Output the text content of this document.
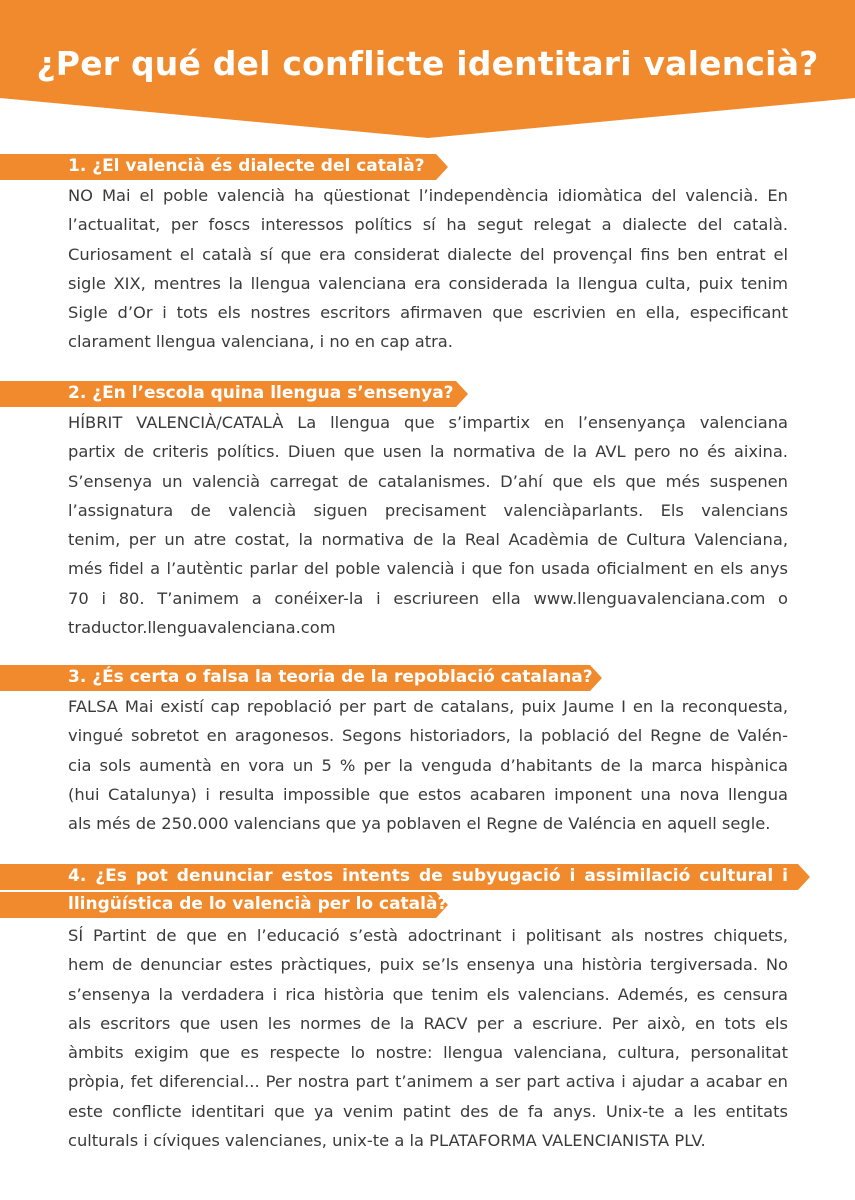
¿Per qué del conflicte identitari valencià?
1. ¿El valencià és dialecte del català?

NO Mai el poble valencià ha qüestionat l’independència idiomàtica del valencià. En

l’actualitat, per foscs interessos polítics sí ha segut relegat a dialecte del català.

Curiosament el català sí que era considerat dialecte del provençal fins ben entrat el

sigle XIX, mentres la llengua valenciana era considerada la llengua culta, puix tenim

Sigle d’Or i tots els nostres escritors afirmaven que escrivien en ella, especificant

clarament llengua valenciana, i no en cap atra.

2. ¿En l’escola quina llengua s’ensenya?

HÍBRIT VALENCIÀ/CATALÀ La llengua que s’impartix en l’ensenyança valenciana

partix de criteris polítics. Diuen que usen la normativa de la AVL pero no és aixina.

S’ensenya un valencià carregat de catalanismes. D’ahí que els que més suspenen

l’assignatura de valencià siguen precisament valenciàparlants. Els valencians

tenim, per un atre costat, la normativa de la Real Acadèmia de Cultura Valenciana,

més fidel a l’autèntic parlar del poble valencià i que fon usada oficialment en els anys

70 i 80. T’animem a conéixer-la i escriureen ella www.llenguavalenciana.com o

traductor.llenguavalenciana.com

3. ¿És certa o falsa la teoria de la repoblació catalana?

FALSA Mai existí cap repoblació per part de catalans, puix Jaume I en la reconquesta,

vingué sobretot en aragonesos. Segons historiadors, la població del Regne de Valén-

cia sols aumentà en vora un 5 % per la venguda d’habitants de la marca hispànica

(hui Catalunya) i resulta impossible que estos acabaren imponent una nova llengua

als més de 250.000 valencians que ya poblaven el Regne de Valéncia en aquell segle.

4. ¿Es pot denunciar estos intents de subyugació i assimilació cultural i
llingüística de lo valencià per lo català?

SÍ Partint de que en l’educació s’està adoctrinant i politisant als nostres chiquets,

hem de denunciar estes pràctiques, puix se’ls ensenya una història tergiversada. No

s’ensenya la verdadera i rica història que tenim els valencians. Ademés, es censura

als escritors que usen les normes de la RACV per a escriure. Per això, en tots els

àmbits exigim que es respecte lo nostre: llengua valenciana, cultura, personalitat

pròpia, fet diferencial... Per nostra part t’animem a ser part activa i ajudar a acabar en

este conflicte identitari que ya venim patint des de fa anys. Unix-te a les entitats

culturals i cíviques valencianes, unix-te a la PLATAFORMA VALENCIANISTA PLV.
